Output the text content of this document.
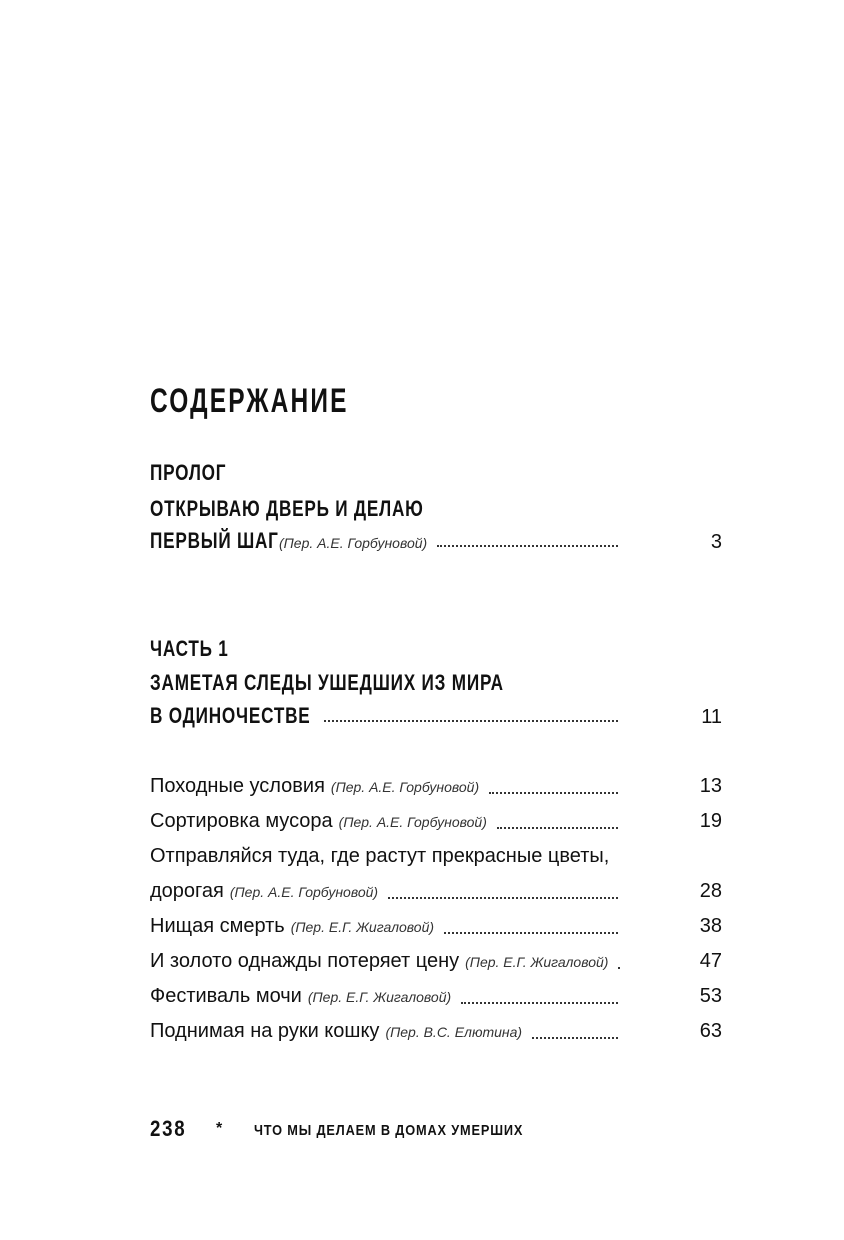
СОДЕРЖАНИЕ
ПРОЛОГ
ОТКРЫВАЮ ДВЕРЬ И ДЕЛАЮ
ПЕРВЫЙ ШАГ (Пер. А.Е. Горбуновой)	3
ЧАСТЬ 1
ЗАМЕТАЯ СЛЕДЫ УШЕДШИХ ИЗ МИРА
В ОДИНОЧЕСТВЕ	11
Походные условия (Пер. А.Е. Горбуновой)	13
Сортировка мусора (Пер. А.Е. Горбуновой)	19
Отправляйся туда, где растут прекрасные цветы,
дорогая (Пер. А.Е. Горбуновой)	28
Нищая смерть (Пер. Е.Г. Жигаловой)	38
И золото однажды потеряет цену (Пер. Е.Г. Жигаловой)	47
Фестиваль мочи (Пер. Е.Г. Жигаловой)	53
Поднимая на руки кошку (Пер. В.С. Елютина)	63
238 * ЧТО МЫ ДЕЛАЕМ В ДОМАХ УМЕРШИХ
